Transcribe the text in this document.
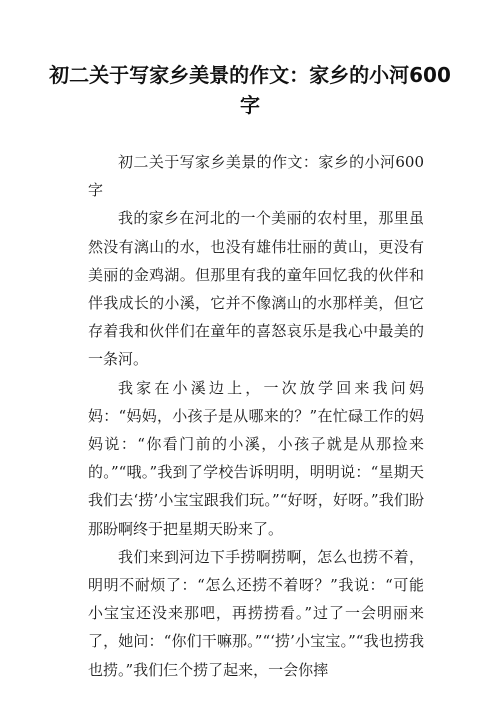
初二关于写家乡美景的作文：家乡的小河600字

初二关于写家乡美景的作文：家乡的小河600字

我的家乡在河北的一个美丽的农村里，那里虽然没有漓山的水，也没有雄伟壮丽的黄山，更没有美丽的金鸡湖。但那里有我的童年回忆我的伙伴和伴我成长的小溪，它并不像漓山的水那样美，但它存着我和伙伴们在童年的喜怒哀乐是我心中最美的一条河。

我家在小溪边上，一次放学回来我问妈妈：“妈妈，小孩子是从哪来的？”在忙碌工作的妈妈说：“你看门前的小溪，小孩子就是从那捡来的。”“哦。”我到了学校告诉明明，明明说：“星期天我们去‘捞’小宝宝跟我们玩。”“好呀，好呀。”我们盼那盼啊终于把星期天盼来了。

我们来到河边下手捞啊捞啊，怎么也捞不着，明明不耐烦了：“怎么还捞不着呀？”我说：“可能小宝宝还没来那吧，再捞捞看。”过了一会明丽来了，她问：“你们干嘛那。”“‘捞’小宝宝。”“我也捞我也捞。”我们仨个捞了起来，一会你摔
